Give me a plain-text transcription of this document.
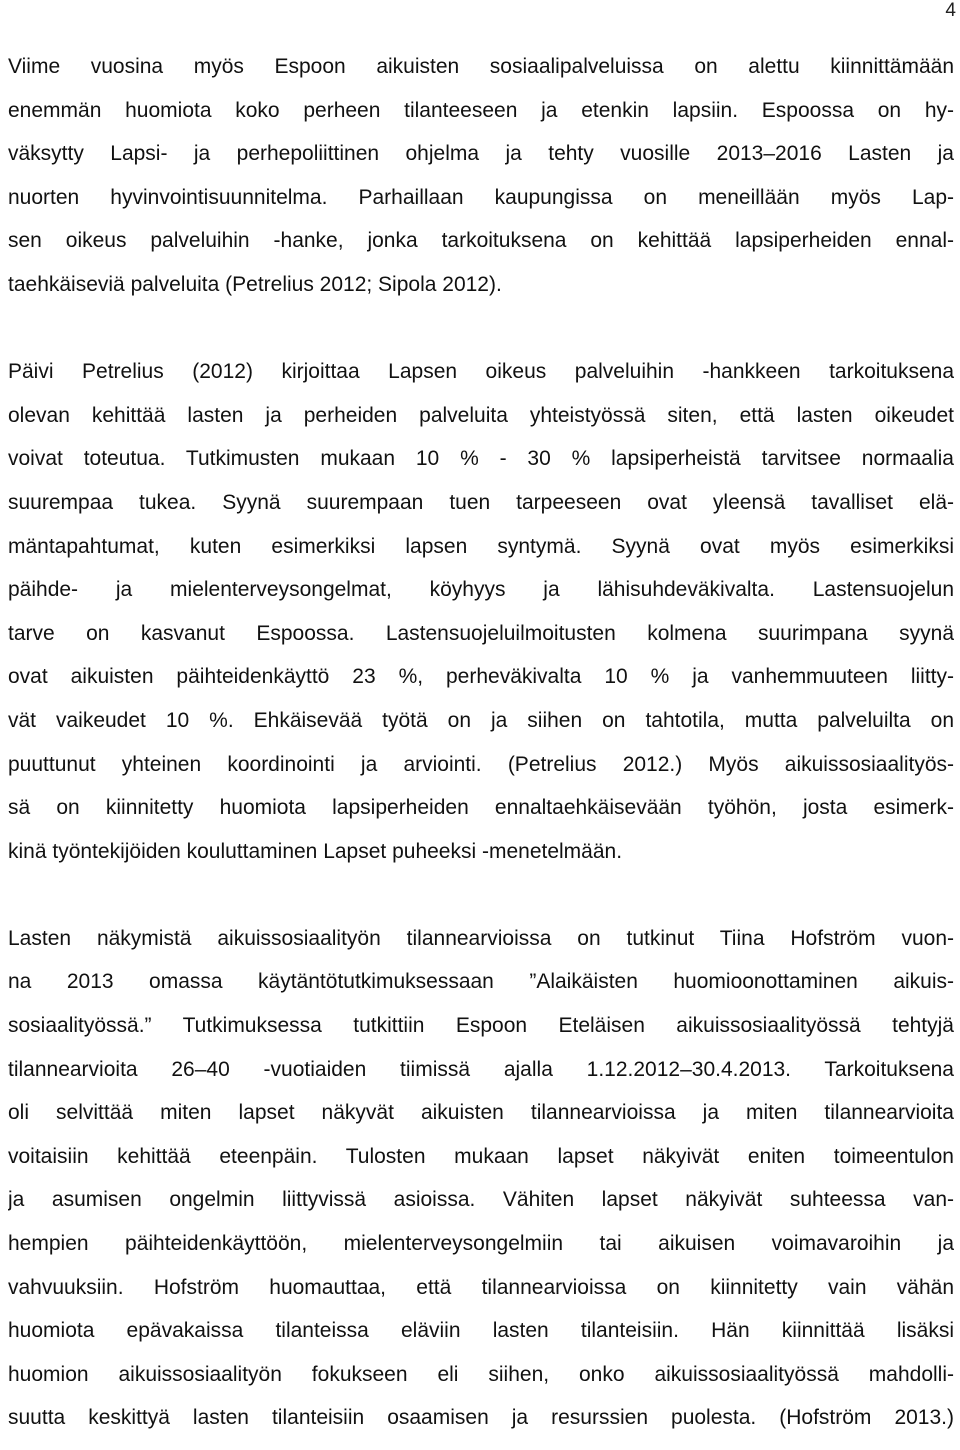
4
Viime vuosina myös Espoon aikuisten sosiaalipalveluissa on alettu kiinnittämään
enemmän huomiota koko perheen tilanteeseen ja etenkin lapsiin. Espoossa on hy-
väksytty Lapsi- ja perhepoliittinen ohjelma ja tehty vuosille 2013–2016 Lasten ja
nuorten hyvinvointisuunnitelma. Parhaillaan kaupungissa on meneillään myös Lap-
sen oikeus palveluihin -hanke, jonka tarkoituksena on kehittää lapsiperheiden ennal-
taehkäiseviä palveluita (Petrelius 2012; Sipola 2012).
Päivi Petrelius (2012) kirjoittaa Lapsen oikeus palveluihin -hankkeen tarkoituksena
olevan kehittää lasten ja perheiden palveluita yhteistyössä siten, että lasten oikeudet
voivat toteutua. Tutkimusten mukaan 10 % - 30 % lapsiperheistä tarvitsee normaalia
suurempaa tukea. Syynä suurempaan tuen tarpeeseen ovat yleensä tavalliset elä-
mäntapahtumat, kuten esimerkiksi lapsen syntymä. Syynä ovat myös esimerkiksi
päihde- ja mielenterveysongelmat, köyhyys ja lähisuhdeväkivalta. Lastensuojelun
tarve on kasvanut Espoossa. Lastensuojeluilmoitusten kolmena suurimpana syynä
ovat aikuisten päihteidenkäyttö 23 %, perheväkivalta 10 % ja vanhemmuuteen liitty-
vät vaikeudet 10 %. Ehkäisevää työtä on ja siihen on tahtotila, mutta palveluilta on
puuttunut yhteinen koordinointi ja arviointi. (Petrelius 2012.) Myös aikuissosiaalityös-
sä on kiinnitetty huomiota lapsiperheiden ennaltaehkäisevään työhön, josta esimerk-
kinä työntekijöiden kouluttaminen Lapset puheeksi -menetelmään.
Lasten näkymistä aikuissosiaalityön tilannearvioissa on tutkinut Tiina Hofström vuon-
na 2013 omassa käytäntötutkimuksessaan ”Alaikäisten huomioonottaminen aikuis-
sosiaalityössä.” Tutkimuksessa tutkittiin Espoon Eteläisen aikuissosiaalityössä tehtyjä
tilannearvioita 26–40 -vuotiaiden tiimissä ajalla 1.12.2012–30.4.2013. Tarkoituksena
oli selvittää miten lapset näkyvät aikuisten tilannearvioissa ja miten tilannearvioita
voitaisiin kehittää eteenpäin. Tulosten mukaan lapset näkyivät eniten toimeentulon
ja asumisen ongelmin liittyvissä asioissa. Vähiten lapset näkyivät suhteessa van-
hempien päihteidenkäyttöön, mielenterveysongelmiin tai aikuisen voimavaroihin ja
vahvuuksiin. Hofström huomauttaa, että tilannearvioissa on kiinnitetty vain vähän
huomiota epävakaissa tilanteissa eläviin lasten tilanteisiin. Hän kiinnittää lisäksi
huomion aikuissosiaalityön fokukseen eli siihen, onko aikuissosiaalityössä mahdolli-
suutta keskittyä lasten tilanteisiin osaamisen ja resurssien puolesta. (Hofström 2013.)
